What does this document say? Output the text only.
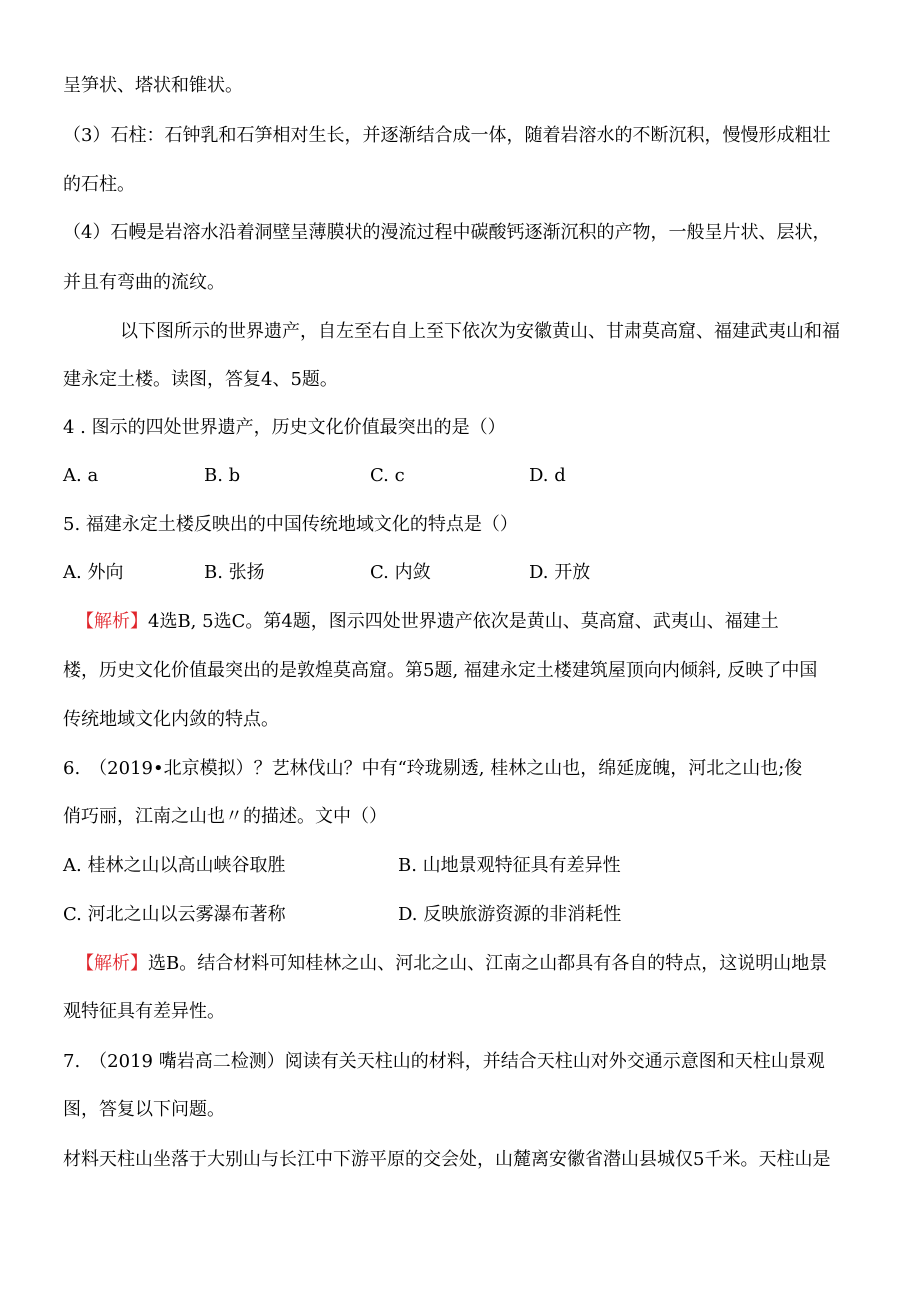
呈笋状、塔状和锥状。
（3）石柱：石钟乳和石笋相对生长，并逐渐结合成一体，随着岩溶水的不断沉积，慢慢形成粗壮
的石柱。
（4）石幔是岩溶水沿着洞壁呈薄膜状的漫流过程中碳酸钙逐渐沉积的产物，一般呈片状、层状，
并且有弯曲的流纹。
以下图所示的世界遗产，自左至右自上至下依次为安徽黄山、甘肃莫高窟、福建武夷山和福
建永定土楼。读图，答复4、5题。
4 . 图示的四处世界遗产，历史文化价值最突出的是（）
A. a	B. b	C. c	D. d
5. 福建永定土楼反映出的中国传统地域文化的特点是（）
A. 外向	B. 张扬	C. 内敛	D. 开放
【解析】4选B, 5选C。第4题，图示四处世界遗产依次是黄山、莫高窟、武夷山、福建土
楼，历史文化价值最突出的是敦煌莫高窟。第5题, 福建永定土楼建筑屋顶向内倾斜, 反映了中国
传统地域文化内敛的特点。
6.　（2019•北京模拟）？艺林伐山？中有“玲珑剔透, 桂林之山也，绵延庞魄，河北之山也;俊
俏巧丽，江南之山也〃的描述。文中（）
A. 桂林之山以高山峡谷取胜	B. 山地景观特征具有差异性
C. 河北之山以云雾瀑布著称	D. 反映旅游资源的非消耗性
【解析】选B。结合材料可知桂林之山、河北之山、江南之山都具有各自的特点，这说明山地景
观特征具有差异性。
7.　（2019 嘴岩高二检测）阅读有关天柱山的材料，并结合天柱山对外交通示意图和天柱山景观
图，答复以下问题。
材料天柱山坐落于大别山与长江中下游平原的交会处，山麓离安徽省潜山县城仅5千米。天柱山是
